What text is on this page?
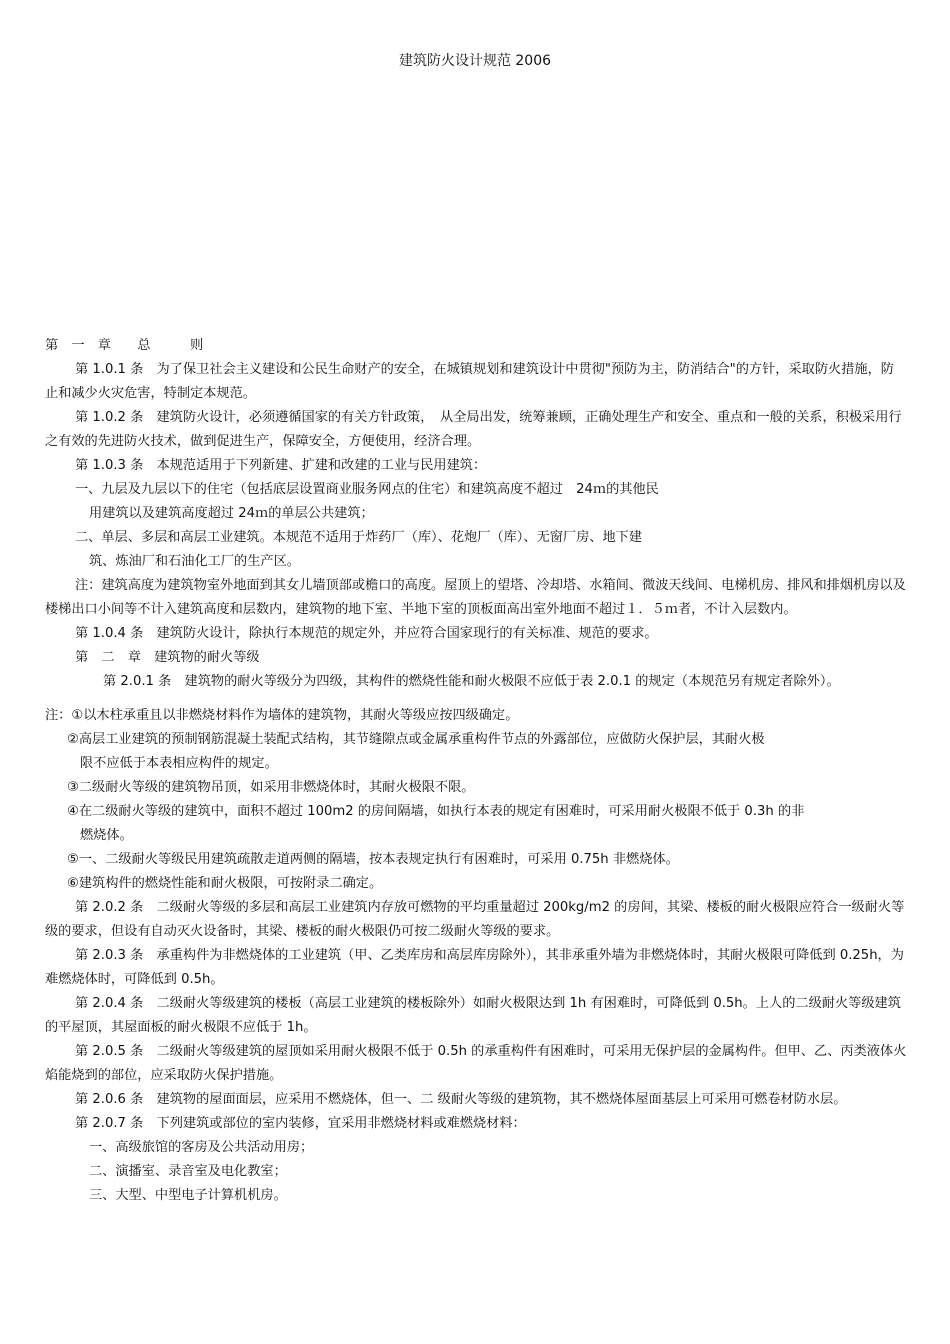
建筑防火设计规范 2006

第　一　章　　总　　　则

第 1.0.1 条　为了保卫社会主义建设和公民生命财产的安全，在城镇规划和建筑设计中贯彻"预防为主，防消结合"的方针，采取防火措施，防止和减少火灾危害，特制定本规范。

第 1.0.2 条　建筑防火设计，必须遵循国家的有关方针政策，　从全局出发，统筹兼顾，正确处理生产和安全、重点和一般的关系，积极采用行之有效的先进防火技术，做到促进生产，保障安全，方便使用，经济合理。

第 1.0.3 条　本规范适用于下列新建、扩建和改建的工业与民用建筑：

一、九层及九层以下的住宅（包括底层设置商业服务网点的住宅）和建筑高度不超过　24ｍ的其他民

用建筑以及建筑高度超过 24ｍ的单层公共建筑；

二、单层、多层和高层工业建筑。本规范不适用于炸药厂（库）、花炮厂（库）、无窗厂房、地下建

筑、炼油厂和石油化工厂的生产区。

注：建筑高度为建筑物室外地面到其女儿墙顶部或檐口的高度。屋顶上的望塔、冷却塔、水箱间、微波天线间、电梯机房、排风和排烟机房以及楼梯出口小间等不计入建筑高度和层数内，建筑物的地下室、半地下室的顶板面高出室外地面不超过１．５ｍ者，不计入层数内。

第 1.0.4 条　建筑防火设计，除执行本规范的规定外，并应符合国家现行的有关标准、规范的要求。

第　二　章　建筑物的耐火等级

第 2.0.1 条　建筑物的耐火等级分为四级，其构件的燃烧性能和耐火极限不应低于表 2.0.1 的规定（本规范另有规定者除外）。

注：①以木柱承重且以非燃烧材料作为墙体的建筑物，其耐火等级应按四级确定。

②高层工业建筑的预制钢筋混凝土装配式结构，其节缝隙点或金属承重构件节点的外露部位，应做防火保护层，其耐火极

限不应低于本表相应构件的规定。

③二级耐火等级的建筑物吊顶，如采用非燃烧体时，其耐火极限不限。

④在二级耐火等级的建筑中，面积不超过 100m2 的房间隔墙，如执行本表的规定有困难时，可采用耐火极限不低于 0.3h 的非

燃烧体。

⑤一、二级耐火等级民用建筑疏散走道两侧的隔墙，按本表规定执行有困难时，可采用 0.75h 非燃烧体。

⑥建筑构件的燃烧性能和耐火极限，可按附录二确定。

第 2.0.2 条　二级耐火等级的多层和高层工业建筑内存放可燃物的平均重量超过 200kg/m2 的房间，其梁、楼板的耐火极限应符合一级耐火等级的要求，但设有自动灭火设备时，其梁、楼板的耐火极限仍可按二级耐火等级的要求。

第 2.0.3 条　承重构件为非燃烧体的工业建筑（甲、乙类库房和高层库房除外），其非承重外墙为非燃烧体时，其耐火极限可降低到 0.25h，为难燃烧体时，可降低到 0.5h。

第 2.0.4 条　二级耐火等级建筑的楼板（高层工业建筑的楼板除外）如耐火极限达到 1h 有困难时，可降低到 0.5h。上人的二级耐火等级建筑的平屋顶，其屋面板的耐火极限不应低于 1h。

第 2.0.5 条　二级耐火等级建筑的屋顶如采用耐火极限不低于 0.5h 的承重构件有困难时，可采用无保护层的金属构件。但甲、乙、丙类液体火焰能烧到的部位，应采取防火保护措施。

第 2.0.6 条　建筑物的屋面面层，应采用不燃烧体，但一、二 级耐火等级的建筑物，其不燃烧体屋面基层上可采用可燃卷材防水层。

第 2.0.7 条　下列建筑或部位的室内装修，宜采用非燃烧材料或难燃烧材料：

一、高级旅馆的客房及公共活动用房；

二、演播室、录音室及电化教室；

三、大型、中型电子计算机机房。
